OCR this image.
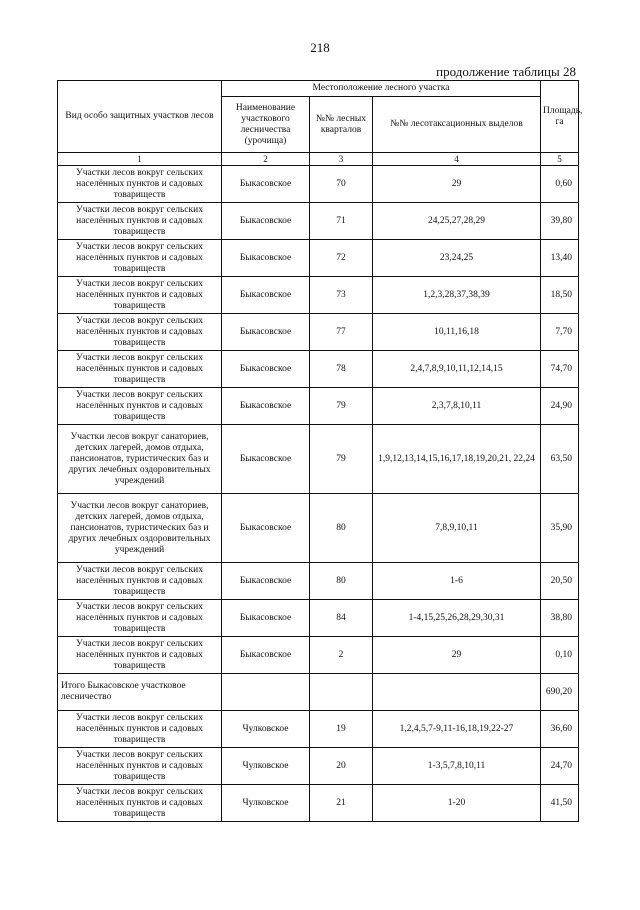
218
продолжение таблицы 28
Вид особо защитных участков лесов	Местоположение лесного участка			Площадь, га
	Наименование участкового лесничества (урочища)	№№ лесных кварталов	№№ лесотаксационных выделов	
1	2	3	4	5
Участки лесов вокруг сельских населённых пунктов и садовых товариществ	Быкасовское	70	29	0,60
Участки лесов вокруг сельских населённых пунктов и садовых товариществ	Быкасовское	71	24,25,27,28,29	39,80
Участки лесов вокруг сельских населённых пунктов и садовых товариществ	Быкасовское	72	23,24,25	13,40
Участки лесов вокруг сельских населённых пунктов и садовых товариществ	Быкасовское	73	1,2,3,28,37,38,39	18,50
Участки лесов вокруг сельских населённых пунктов и садовых товариществ	Быкасовское	77	10,11,16,18	7,70
Участки лесов вокруг сельских населённых пунктов и садовых товариществ	Быкасовское	78	2,4,7,8,9,10,11,12,14,15	74,70
Участки лесов вокруг сельских населённых пунктов и садовых товариществ	Быкасовское	79	2,3,7,8,10,11	24,90
Участки лесов вокруг санаториев, детских лагерей, домов отдыха, пансионатов, туристических баз и других лечебных оздоровительных учреждений	Быкасовское	79	1,9,12,13,14,15,16,17,18,19,20,21, 22,24	63,50
Участки лесов вокруг санаториев, детских лагерей, домов отдыха, пансионатов, туристических баз и других лечебных оздоровительных учреждений	Быкасовское	80	7,8,9,10,11	35,90
Участки лесов вокруг сельских населённых пунктов и садовых товариществ	Быкасовское	80	1-6	20,50
Участки лесов вокруг сельских населённых пунктов и садовых товариществ	Быкасовское	84	1-4,15,25,26,28,29,30,31	38,80
Участки лесов вокруг сельских населённых пунктов и садовых товариществ	Быкасовское	2	29	0,10
Итого Быкасовское участковое лесничество				690,20
Участки лесов вокруг сельских населённых пунктов и садовых товариществ	Чулковское	19	1,2,4,5,7-9,11-16,18,19,22-27	36,60
Участки лесов вокруг сельских населённых пунктов и садовых товариществ	Чулковское	20	1-3,5,7,8,10,11	24,70
Участки лесов вокруг сельских населённых пунктов и садовых товариществ	Чулковское	21	1-20	41,50
